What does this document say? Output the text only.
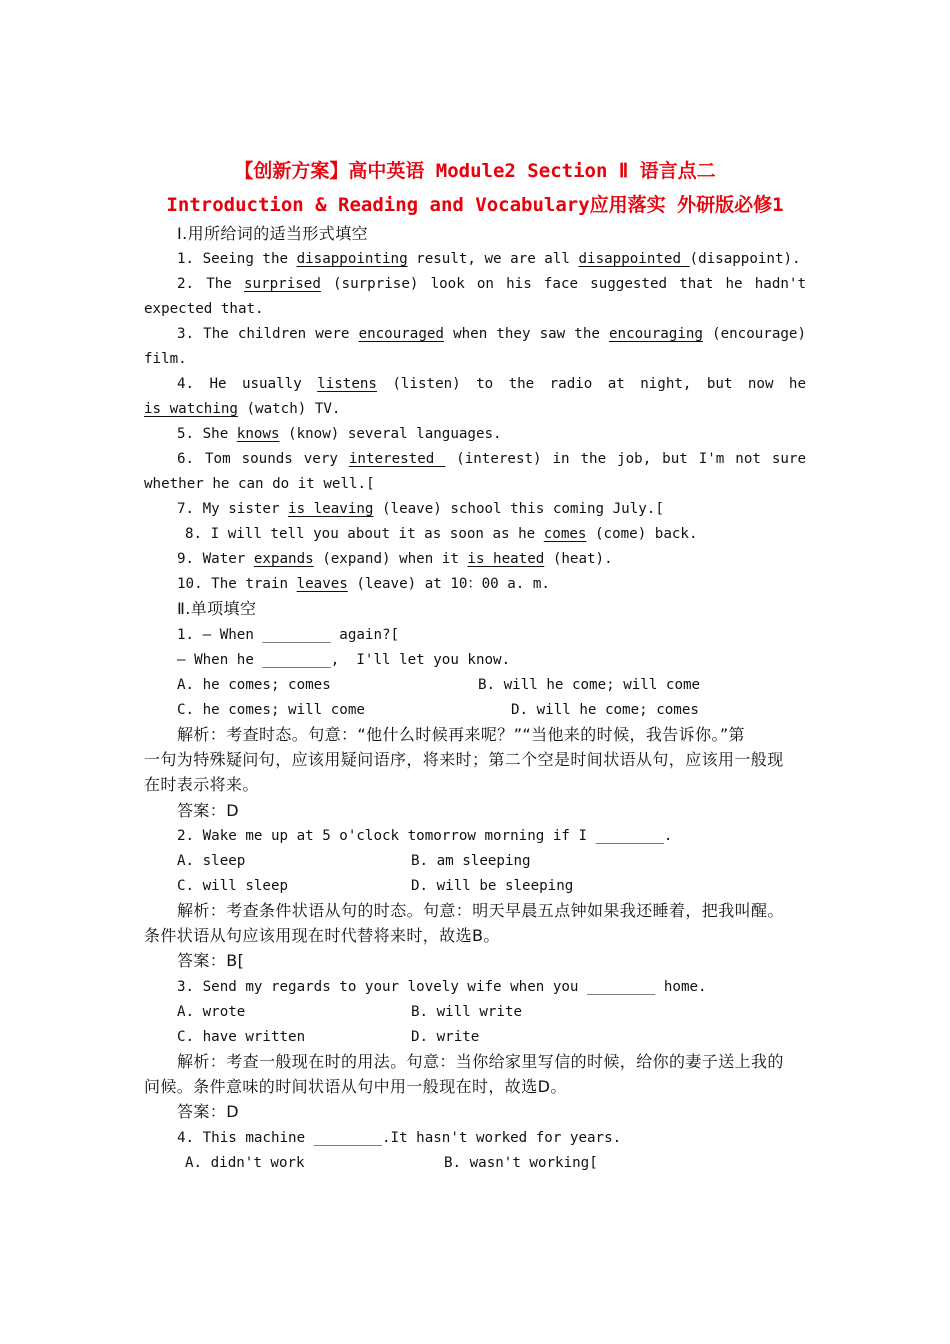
【创新方案】高中英语 Module2 Section Ⅱ 语言点二
Introduction & Reading and Vocabulary应用落实 外研版必修1
Ⅰ.用所给词的适当形式填空
1. Seeing the disappointing result, we are all disappointed (disappoint).
2. The surprised (surprise) look on his face suggested that he hadn't
expected that.
3. The children were encouraged when they saw the encouraging (encourage)
film.
4. He usually listens (listen) to the radio at night, but now he
is watching (watch) TV.
5. She knows (know) several languages.
6. Tom sounds very interested  (interest) in the job, but I'm not sure
whether he can do it well.[
7. My sister is leaving (leave) school this coming July.[
8. I will tell you about it as soon as he comes (come) back.
9. Water expands (expand) when it is heated (heat).
10. The train leaves (leave) at 10：00 a. m.
Ⅱ.单项填空
1. — When ________ again?[
— When he ________,  I'll let you know.
A. he comes; comes	B. will he come; will come
C. he comes; will come	D. will he come; comes
解析：考查时态。句意：“他什么时候再来呢？”“当他来的时候，我告诉你。”第
一句为特殊疑问句，应该用疑问语序，将来时；第二个空是时间状语从句，应该用一般现
在时表示将来。
答案：D
2. Wake me up at 5 o'clock tomorrow morning if I ________.
A. sleep	B. am sleeping
C. will sleep	D. will be sleeping
解析：考查条件状语从句的时态。句意：明天早晨五点钟如果我还睡着，把我叫醒。
条件状语从句应该用现在时代替将来时，故选B。
答案：B[
3. Send my regards to your lovely wife when you ________ home.
A. wrote	B. will write
C. have written	D. write
解析：考查一般现在时的用法。句意：当你给家里写信的时候，给你的妻子送上我的
问候。条件意味的时间状语从句中用一般现在时，故选D。
答案：D
4. This machine ________.It hasn't worked for years.
A. didn't work	B. wasn't working[
